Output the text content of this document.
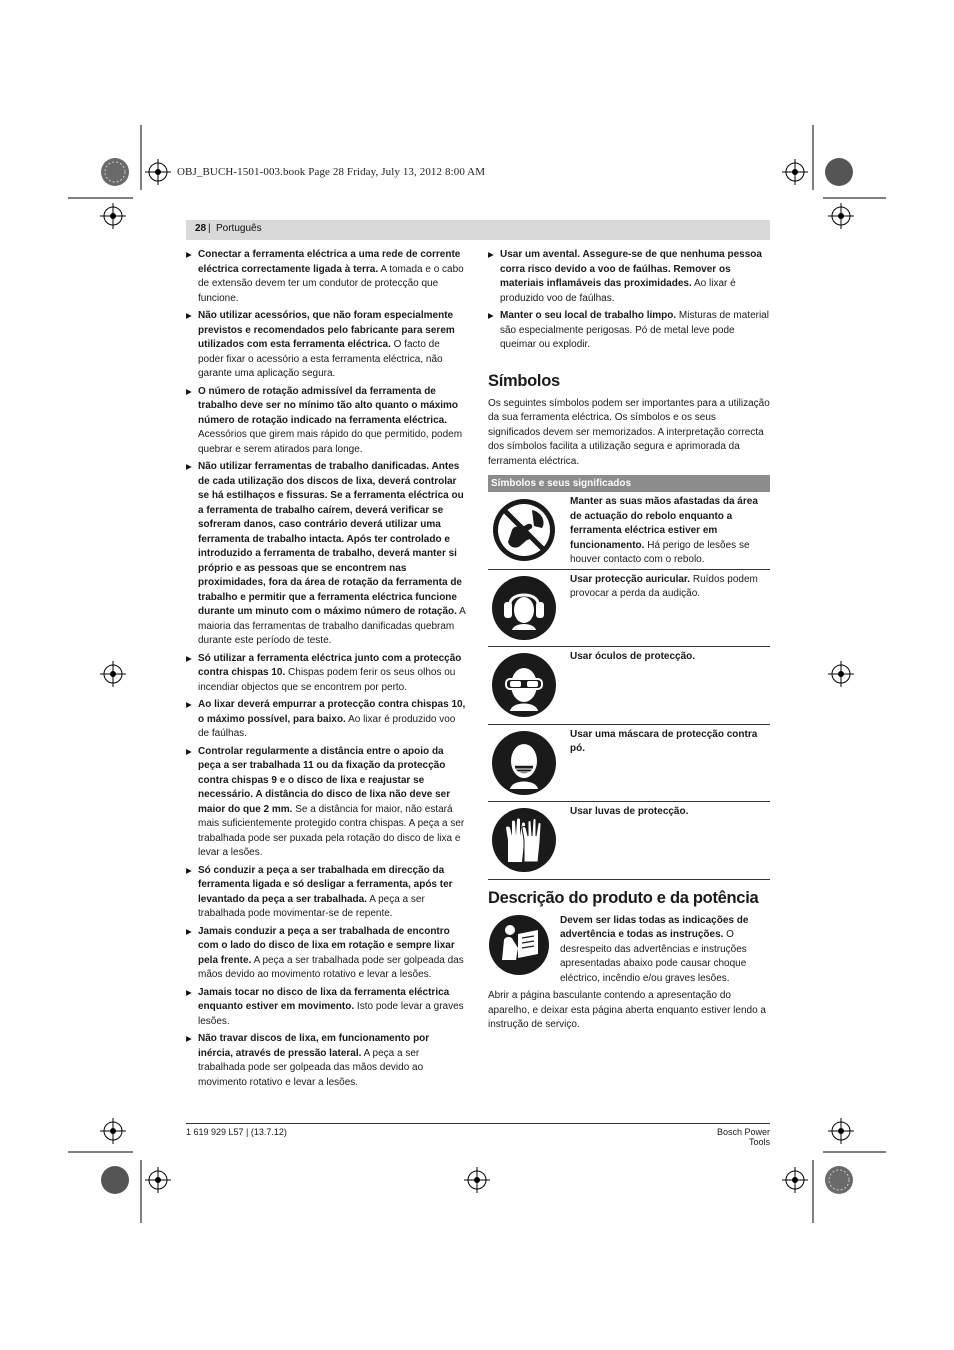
OBJ_BUCH-1501-003.book Page 28 Friday, July 13, 2012 8:00 AM
28 | Português
▶ Conectar a ferramenta eléctrica a uma rede de corrente eléctrica correctamente ligada à terra. A tomada e o cabo de extensão devem ter um condutor de protecção que funcione.
▶ Não utilizar acessórios, que não foram especialmente previstos e recomendados pelo fabricante para serem utilizados com esta ferramenta eléctrica. O facto de poder fixar o acessório a esta ferramenta eléctrica, não garante uma aplicação segura.
▶ O número de rotação admissível da ferramenta de trabalho deve ser no mínimo tão alto quanto o máximo número de rotação indicado na ferramenta eléctrica. Acessórios que girem mais rápido do que permitido, podem quebrar e serem atirados para longe.
▶ Não utilizar ferramentas de trabalho danificadas. Antes de cada utilização dos discos de lixa, deverá controlar se há estilhaços e fissuras. Se a ferramenta eléctrica ou a ferramenta de trabalho caírem, deverá verificar se sofreram danos, caso contrário deverá utilizar uma ferramenta de trabalho intacta. Após ter controlado e introduzido a ferramenta de trabalho, deverá manter si próprio e as pessoas que se encontrem nas proximidades, fora da área de rotação da ferramenta de trabalho e permitir que a ferramenta eléctrica funcione durante um minuto com o máximo número de rotação. A maioria das ferramentas de trabalho danificadas quebram durante este período de teste.
▶ Só utilizar a ferramenta eléctrica junto com a protecção contra chispas 10. Chispas podem ferir os seus olhos ou incendiar objectos que se encontrem por perto.
▶ Ao lixar deverá empurrar a protecção contra chispas 10, o máximo possível, para baixo. Ao lixar é produzido voo de faúlhas.
▶ Controlar regularmente a distância entre o apoio da peça a ser trabalhada 11 ou da fixação da protecção contra chispas 9 e o disco de lixa e reajustar se necessário. A distância do disco de lixa não deve ser maior do que 2 mm. Se a distância for maior, não estará mais suficientemente protegido contra chispas. A peça a ser trabalhada pode ser puxada pela rotação do disco de lixa e levar a lesões.
▶ Só conduzir a peça a ser trabalhada em direcção da ferramenta ligada e só desligar a ferramenta, após ter levantado da peça a ser trabalhada. A peça a ser trabalhada pode movimentar-se de repente.
▶ Jamais conduzir a peça a ser trabalhada de encontro com o lado do disco de lixa em rotação e sempre lixar pela frente. A peça a ser trabalhada pode ser golpeada das mãos devido ao movimento rotativo e levar a lesões.
▶ Jamais tocar no disco de lixa da ferramenta eléctrica enquanto estiver em movimento. Isto pode levar a graves lesões.
▶ Não travar discos de lixa, em funcionamento por inércia, através de pressão lateral. A peça a ser trabalhada pode ser golpeada das mãos devido ao movimento rotativo e levar a lesões.
▶ Usar um avental. Assegure-se de que nenhuma pessoa corra risco devido a voo de faúlhas. Remover os materiais inflamáveis das proximidades. Ao lixar é produzido voo de faúlhas.
▶ Manter o seu local de trabalho limpo. Misturas de material são especialmente perigosas. Pó de metal leve pode queimar ou explodir.
Símbolos

Os seguintes símbolos podem ser importantes para a utilização da sua ferramenta eléctrica. Os símbolos e os seus significados devem ser memorizados. A interpretação correcta dos símbolos facilita a utilização segura e aprimorada da ferramenta eléctrica.

Símbolos e seus significados
Manter as suas mãos afastadas da área de actuação do rebolo enquanto a ferramenta eléctrica estiver em funcionamento. Há perigo de lesões se houver contacto com o rebolo.
Usar protecção auricular. Ruídos podem provocar a perda da audição.
Usar óculos de protecção.
Usar uma máscara de protecção contra pó.
Usar luvas de protecção.
Descrição do produto e da potência
Devem ser lidas todas as indicações de advertência e todas as instruções. O desrespeito das advertências e instruções apresentadas abaixo pode causar choque eléctrico, incêndio e/ou graves lesões.

Abrir a página basculante contendo a apresentação do aparelho, e deixar esta página aberta enquanto estiver lendo a instrução de serviço.

1 619 929 L57 | (13.7.12)	Bosch Power Tools
